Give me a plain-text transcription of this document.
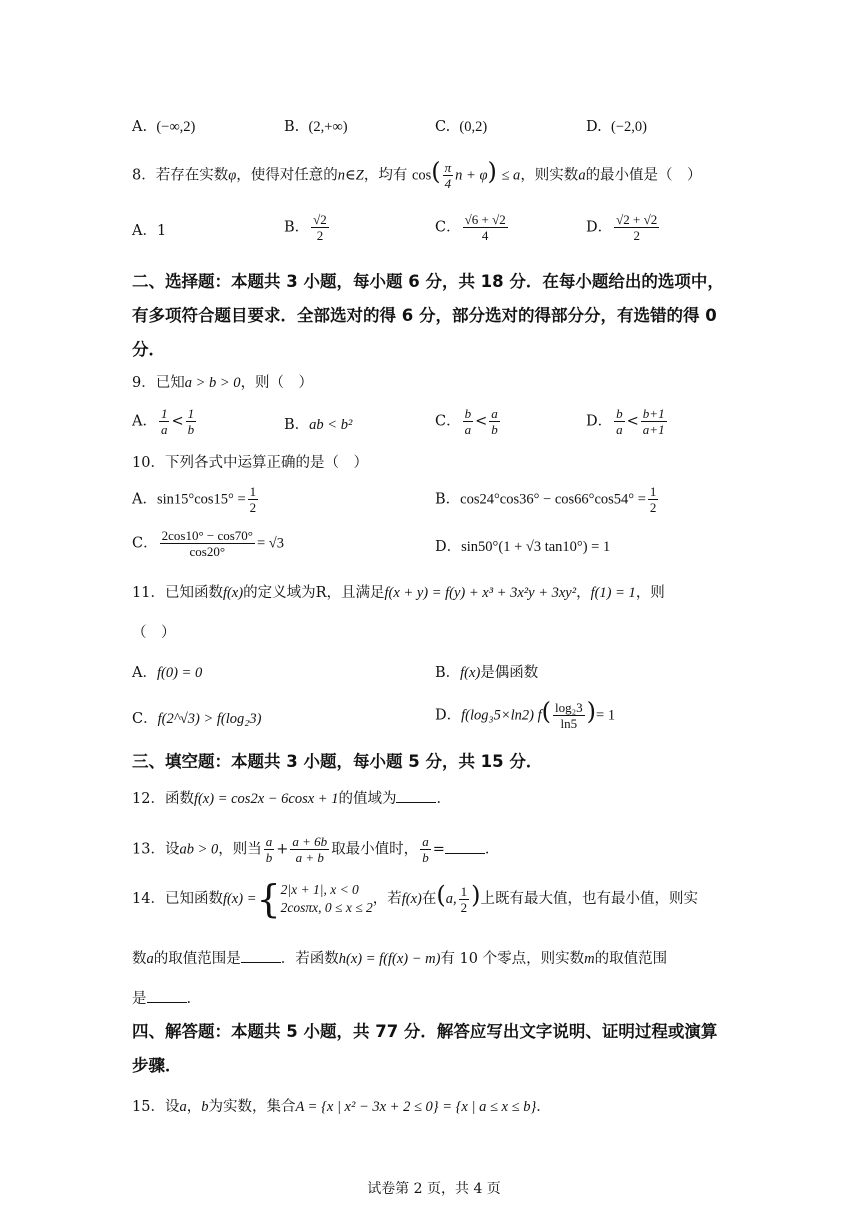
A. (−∞,2)	B. (2,+∞)	C. (0,2)	D. (−2,0)
8．若存在实数φ，使得对任意的n∈Z，均有 $\cos( \frac{\pi}{4}$ n + φ) ≤ a，则实数a的最小值是（　）
A．1	B． $\frac{√2}{2}$	C． $\frac{√6 + √2}{4}$	D． $\frac{√2 + √2}{2}$
二、选择题：本题共 3 小题，每小题 6 分，共 18 分．在每小题给出的选项中，
有多项符合题目要求．全部选对的得 6 分，部分选对的得部分分，有选错的得 0
分．
9．已知a > b > 0，则（　）
A． $\frac{1}{a} < \frac{1}{b}$	B．ab < b²	C． $\frac{b}{a} < \frac{a}{b}$	D． $\frac{b}{a} < \frac{b+1}{a+1}$
10．下列各式中运算正确的是（　）
A．$\sin 15^\circ\cos 15^\circ = \frac{1}{2}$	B．$\cos 24^\circ\cos 36^\circ - \cos 66^\circ\cos 54^\circ = \frac{1}{2}$
C． $\frac{2\cos 10^\circ - \cos 70^\circ}{\cos 20^\circ} = √3$	D．sin50°(1 + √3 tan10°) = 1
11．已知函数f(x)的定义域为R，且满足f(x + y) = f(y) + x³ + 3x²y + 3xy²，f(1) = 1，则
（　）
A．f(0) = 0	B．f(x)是偶函数
C．f(2^√3) > f(log₂3)	D．f(log₃5×ln2) $f( \frac{\text{log₂3}}{\ln 5}$ )= 1
三、填空题：本题共 3 小题，每小题 5 分，共 15 分．
12．函数f(x) = cos2x − 6cosx + 1的值域为	．
13．设ab > 0，则当 $\frac{a}{b} + \frac{a + 6b}{a + b}$ 取最小值时， $\frac{a}{b}$ =	．
14．已知函数f(x) = { 2|x + 1|, x < 0
2cosπx, 0 ≤ x ≤ 2
，若f(x)在(a, $\frac{1}{2}$ )上既有最大值，也有最小值，则实
数a的取值范围是	．若函数h(x) = f(f(x) − m)有 10 个零点，则实数m的取值范围
是	．
四、解答题：本题共 5 小题，共 77 分．解答应写出文字说明、证明过程或演算
步骤．
15．设a，b为实数，集合A = {x | x² − 3x + 2 ≤ 0} = {x | a ≤ x ≤ b}．
试卷第 2 页，共 4 页
